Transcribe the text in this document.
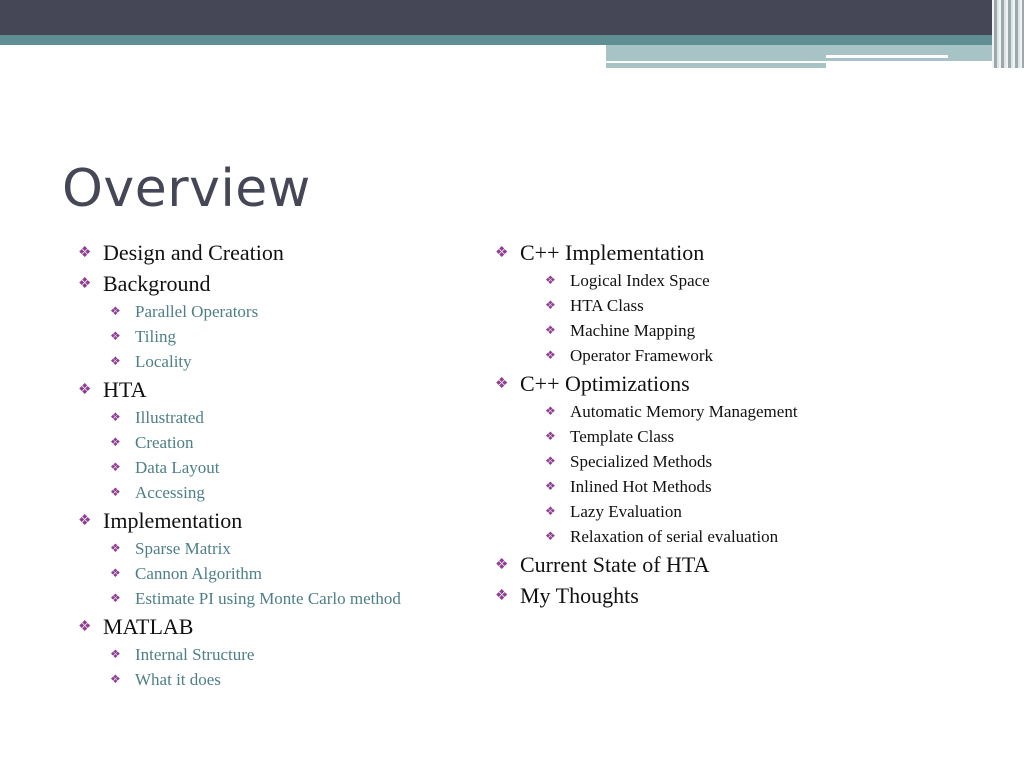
Overview
❖ Design and Creation
❖ Background
❖ Parallel Operators
❖ Tiling
❖ Locality
❖ HTA
❖ Illustrated
❖ Creation
❖ Data Layout
❖ Accessing
❖ Implementation
❖ Sparse Matrix
❖ Cannon Algorithm
❖ Estimate PI using Monte Carlo method
❖ MATLAB
❖ Internal Structure
❖ What it does
❖ C++ Implementation
❖ Logical Index Space
❖ HTA Class
❖ Machine Mapping
❖ Operator Framework
❖ C++ Optimizations
❖ Automatic Memory Management
❖ Template Class
❖ Specialized Methods
❖ Inlined Hot Methods
❖ Lazy Evaluation
❖ Relaxation of serial evaluation
❖ Current State of HTA
❖ My Thoughts
